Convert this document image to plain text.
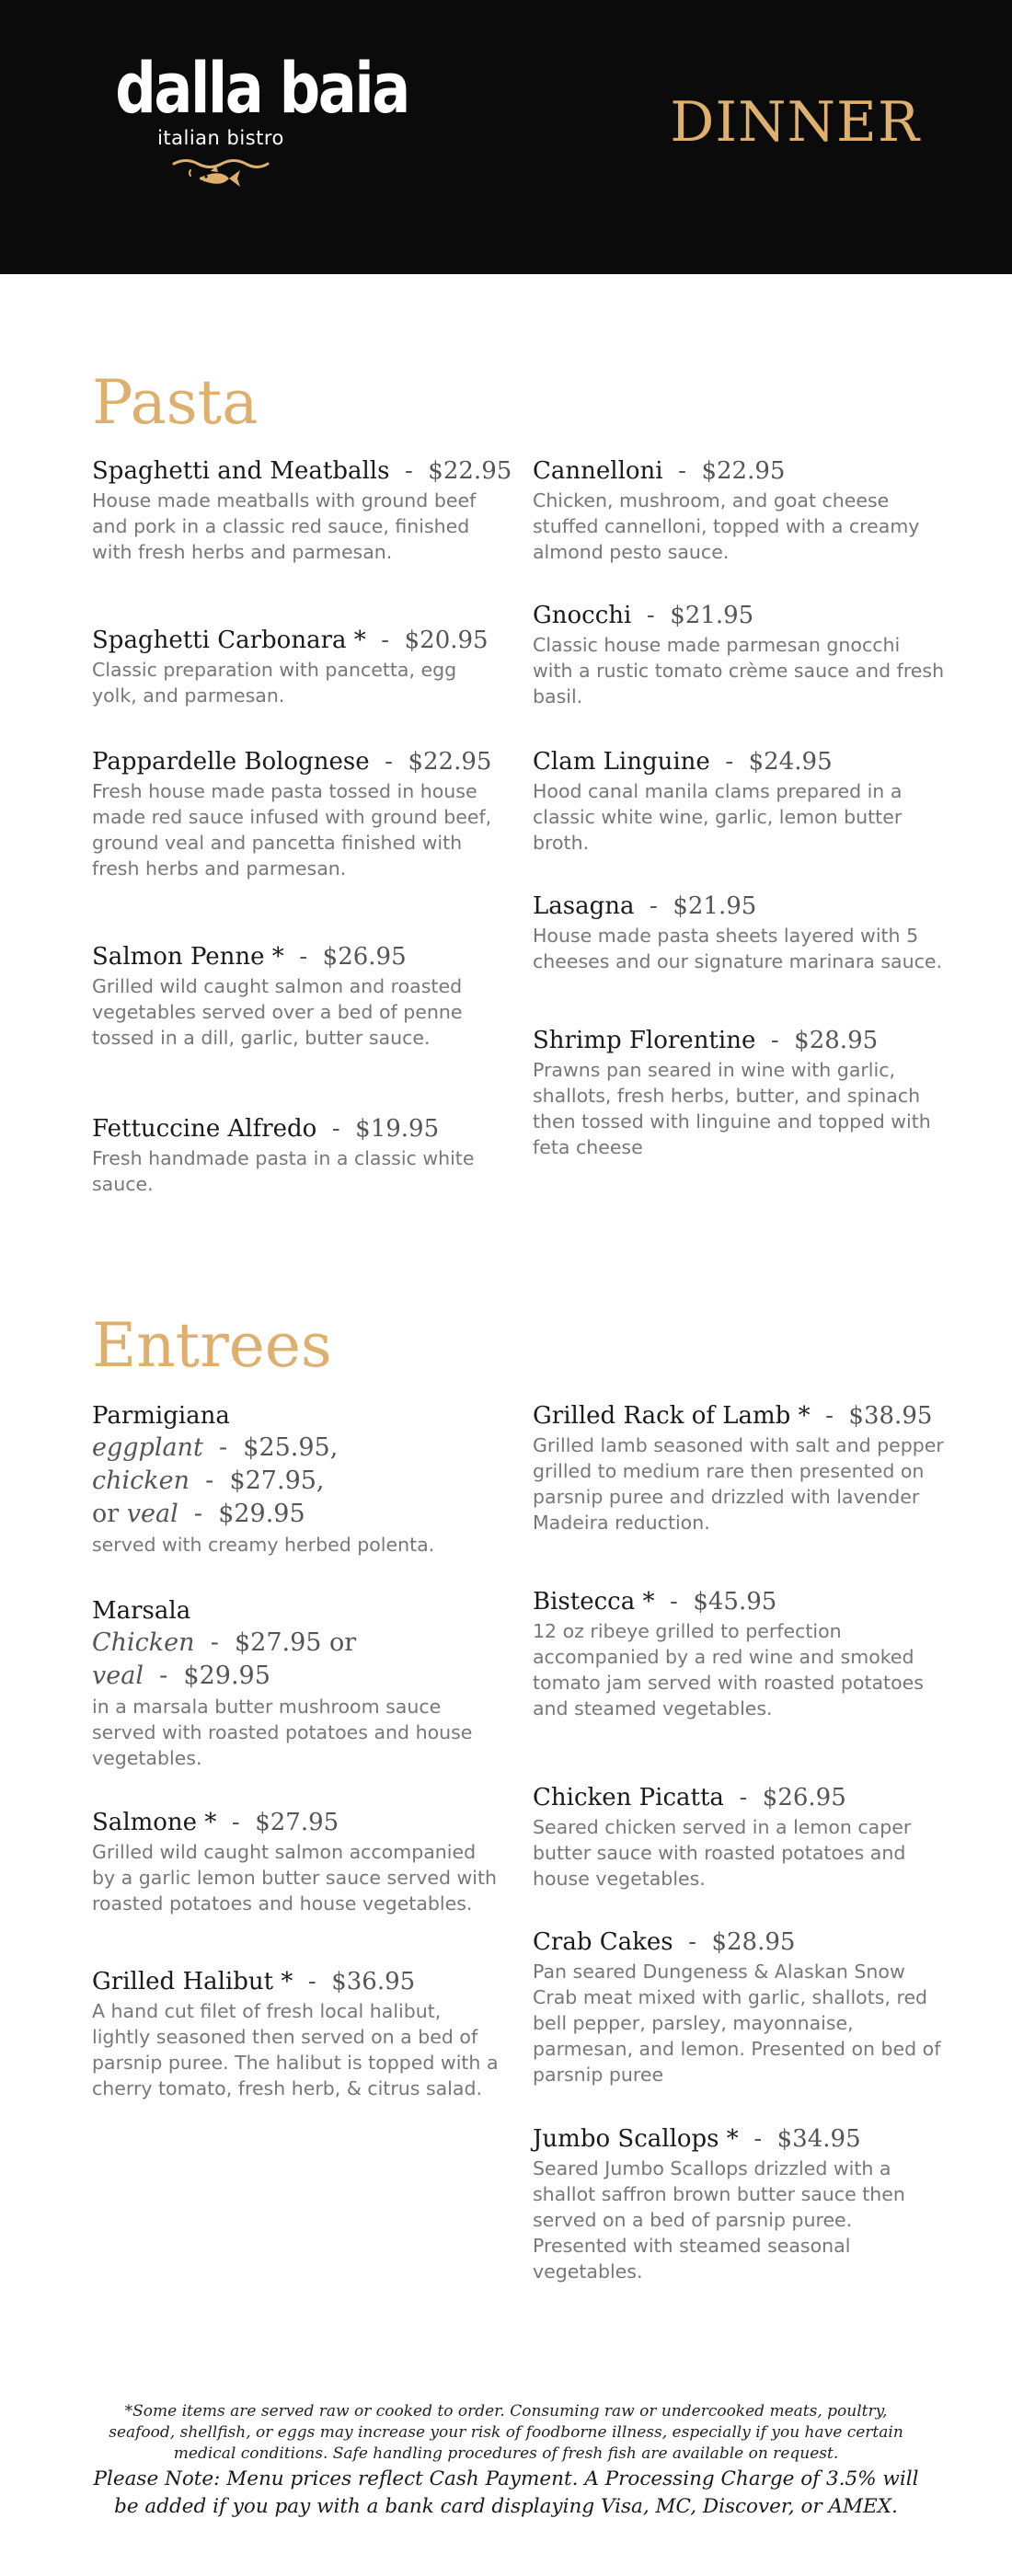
dalla baia
italian bistro	DINNER
Pasta
Spaghetti and Meatballs  -  $22.95
House made meatballs with ground beef and pork in a classic red sauce, finished with fresh herbs and parmesan.
Spaghetti Carbonara *  -  $20.95
Classic preparation with pancetta, egg yolk, and parmesan.
Pappardelle Bolognese  -  $22.95
Fresh house made pasta tossed in house made red sauce infused with ground beef, ground veal and pancetta finished with fresh herbs and parmesan.
Salmon Penne *  -  $26.95
Grilled wild caught salmon and roasted vegetables served over a bed of penne tossed in a dill, garlic, butter sauce.
Fettuccine Alfredo  -  $19.95
Fresh handmade pasta in a classic white sauce.
Cannelloni  -  $22.95
Chicken, mushroom, and goat cheese stuffed cannelloni, topped with a creamy almond pesto sauce.
Gnocchi  -  $21.95
Classic house made parmesan gnocchi with a rustic tomato crème sauce and fresh basil.
Clam Linguine  -  $24.95
Hood canal manila clams prepared in a classic white wine, garlic, lemon butter broth.
Lasagna  -  $21.95
House made pasta sheets layered with 5 cheeses and our signature marinara sauce.
Shrimp Florentine  -  $28.95
Prawns pan seared in wine with garlic, shallots, fresh herbs, butter, and spinach then tossed with linguine and topped with feta cheese
Entrees
Parmigiana
eggplant  -  $25.95,
chicken  -  $27.95,
or veal  -  $29.95
served with creamy herbed polenta.
Marsala
Chicken  -  $27.95 or
veal  -  $29.95
in a marsala butter mushroom sauce served with roasted potatoes and house vegetables.
Salmone *  -  $27.95
Grilled wild caught salmon accompanied by a garlic lemon butter sauce served with roasted potatoes and house vegetables.
Grilled Halibut *  -  $36.95
A hand cut filet of fresh local halibut, lightly seasoned then served on a bed of parsnip puree. The halibut is topped with a cherry tomato, fresh herb, & citrus salad.
Grilled Rack of Lamb *  -  $38.95
Grilled lamb seasoned with salt and pepper grilled to medium rare then presented on parsnip puree and drizzled with lavender Madeira reduction.
Bistecca *  -  $45.95
12 oz ribeye grilled to perfection accompanied by a red wine and smoked tomato jam served with roasted potatoes and steamed vegetables.
Chicken Picatta  -  $26.95
Seared chicken served in a lemon caper butter sauce with roasted potatoes and house vegetables.
Crab Cakes  -  $28.95
Pan seared Dungeness & Alaskan Snow Crab meat mixed with garlic, shallots, red bell pepper, parsley, mayonnaise, parmesan, and lemon. Presented on bed of parsnip puree
Jumbo Scallops *  -  $34.95
Seared Jumbo Scallops drizzled with a shallot saffron brown butter sauce then served on a bed of parsnip puree. Presented with steamed seasonal vegetables.
*Some items are served raw or cooked to order. Consuming raw or undercooked meats, poultry, seafood, shellfish, or eggs may increase your risk of foodborne illness, especially if you have certain medical conditions. Safe handling procedures of fresh fish are available on request.
Please Note: Menu prices reflect Cash Payment. A Processing Charge of 3.5% will be added if you pay with a bank card displaying Visa, MC, Discover, or AMEX.
